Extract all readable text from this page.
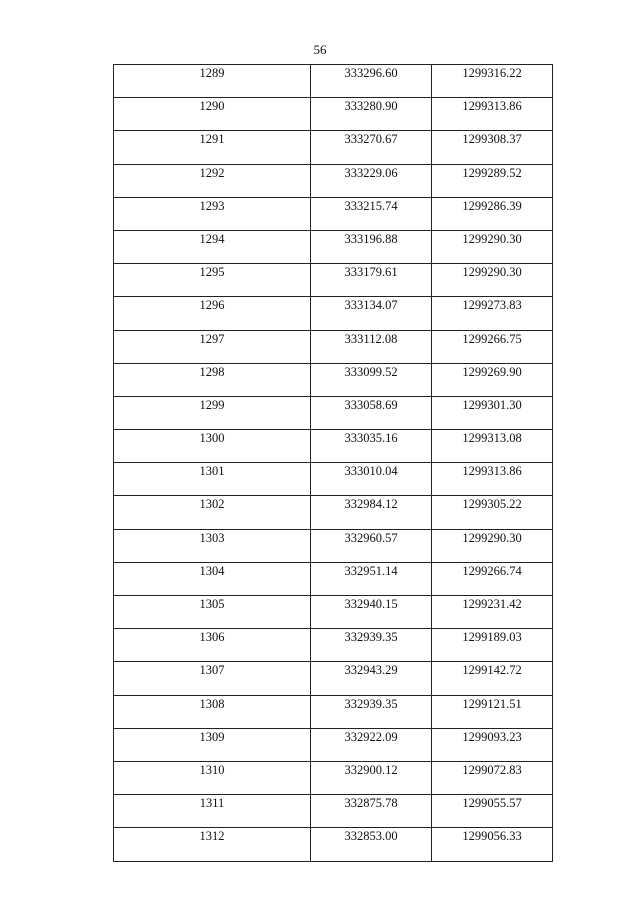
56
1289	333296.60	1299316.22
1290	333280.90	1299313.86
1291	333270.67	1299308.37
1292	333229.06	1299289.52
1293	333215.74	1299286.39
1294	333196.88	1299290.30
1295	333179.61	1299290.30
1296	333134.07	1299273.83
1297	333112.08	1299266.75
1298	333099.52	1299269.90
1299	333058.69	1299301.30
1300	333035.16	1299313.08
1301	333010.04	1299313.86
1302	332984.12	1299305.22
1303	332960.57	1299290.30
1304	332951.14	1299266.74
1305	332940.15	1299231.42
1306	332939.35	1299189.03
1307	332943.29	1299142.72
1308	332939.35	1299121.51
1309	332922.09	1299093.23
1310	332900.12	1299072.83
1311	332875.78	1299055.57
1312	332853.00	1299056.33
